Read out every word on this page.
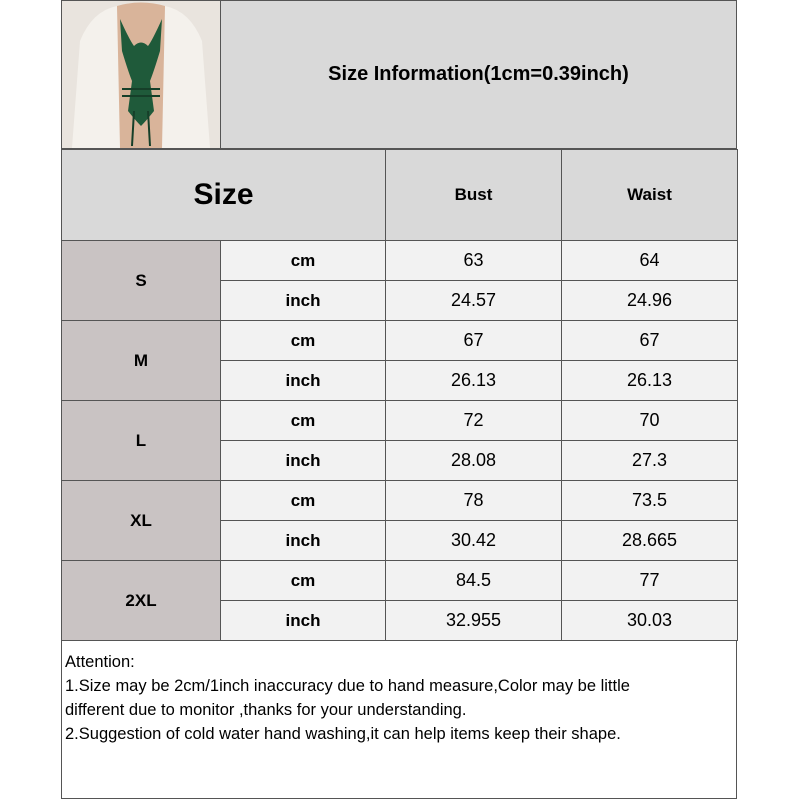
Size Information(1cm=0.39inch)
Size		Bust	Waist
S	cm	63	64
	inch	24.57	24.96
M	cm	67	67
	inch	26.13	26.13
L	cm	72	70
	inch	28.08	27.3
XL	cm	78	73.5
	inch	30.42	28.665
2XL	cm	84.5	77
	inch	32.955	30.03
Attention:
1.Size may be 2cm/1inch inaccuracy due to hand measure,Color may be little
different due to monitor ,thanks for your understanding.
2.Suggestion of cold water hand washing,it can help items keep their shape.
